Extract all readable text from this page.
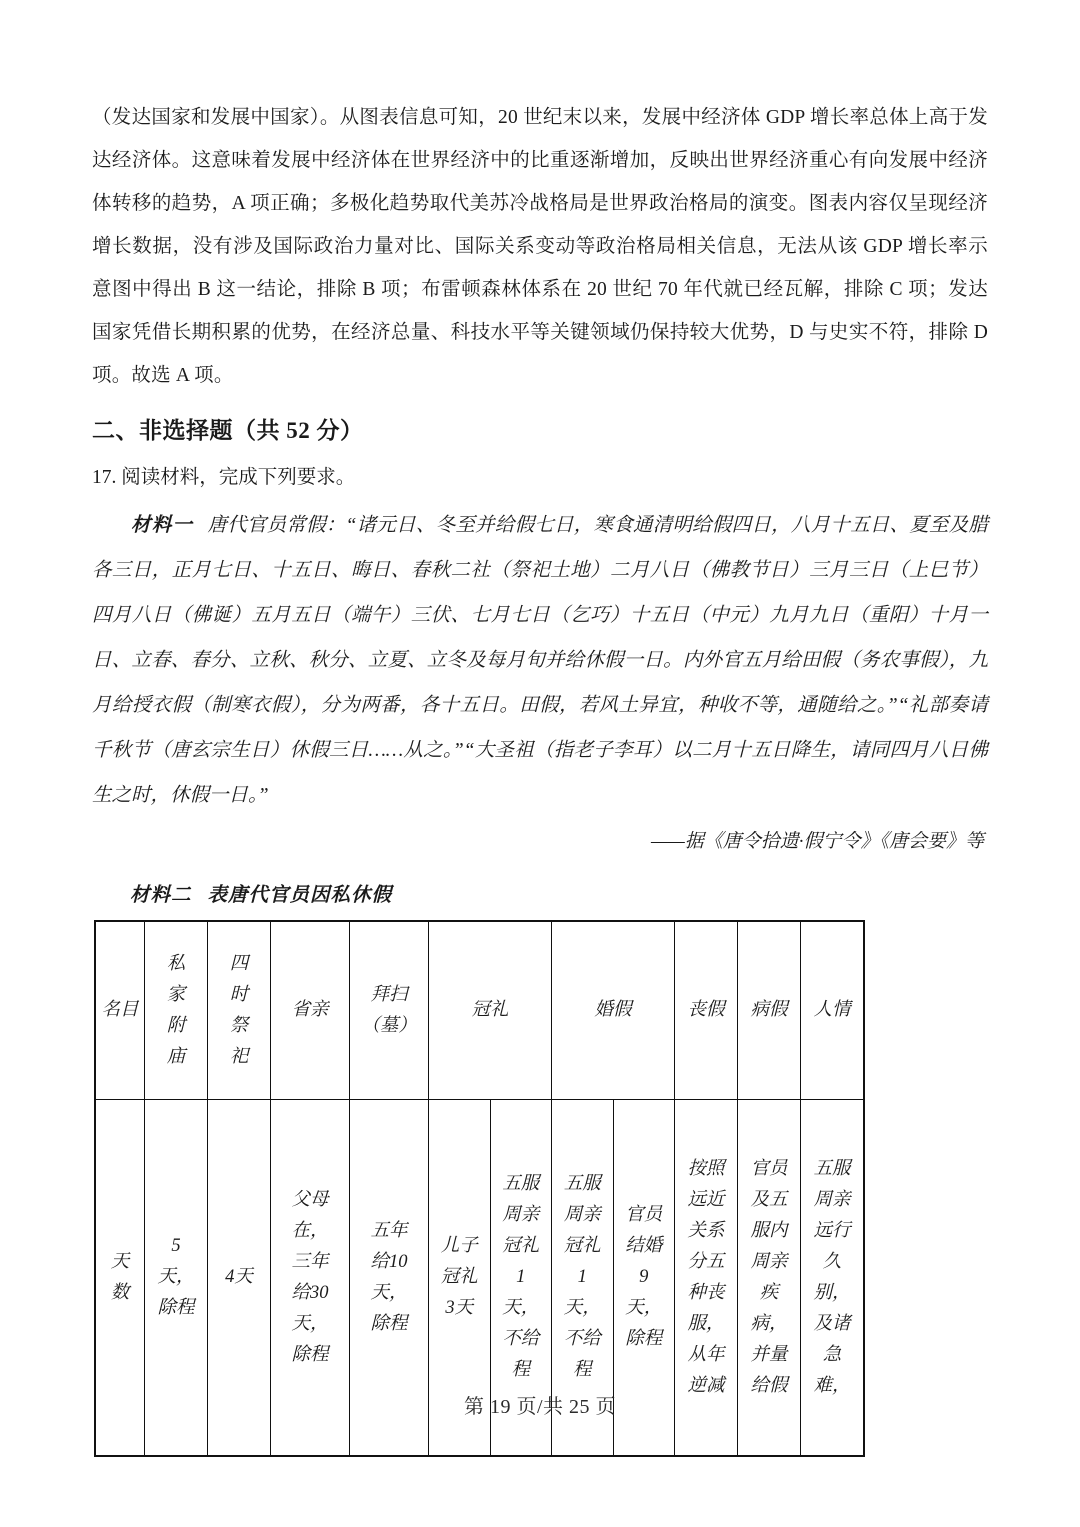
（发达国家和发展中国家）。从图表信息可知，20 世纪末以来，发展中经济体 GDP 增长率总体上高于发达经济体。这意味着发展中经济体在世界经济中的比重逐渐增加，反映出世界经济重心有向发展中经济体转移的趋势，A 项正确；多极化趋势取代美苏冷战格局是世界政治格局的演变。图表内容仅呈现经济增长数据，没有涉及国际政治力量对比、国际关系变动等政治格局相关信息，无法从该 GDP 增长率示意图中得出 B 这一结论，排除 B 项；布雷顿森林体系在 20 世纪 70 年代就已经瓦解，排除 C 项；发达国家凭借长期积累的优势，在经济总量、科技水平等关键领域仍保持较大优势，D 与史实不符，排除 D 项。故选 A 项。

二、非选择题（共 52 分）
17. 阅读材料，完成下列要求。

材料一 唐代官员常假：“诸元日、冬至并给假七日，寒食通清明给假四日，八月十五日、夏至及腊各三日，正月七日、十五日、晦日、春秋二社（祭祀土地）二月八日（佛教节日）三月三日（上巳节）四月八日（佛诞）五月五日（端午）三伏、七月七日（乞巧）十五日（中元）九月九日（重阳）十月一日、立春、春分、立秋、秋分、立夏、立冬及每月旬并给休假一日。内外官五月给田假（务农事假），九月给授衣假（制寒衣假），分为两番，各十五日。田假，若风土异宜，种收不等，通随给之。”“礼部奏请千秋节（唐玄宗生日）休假三日……从之。”“大圣祖（指老子李耳）以二月十五日降生，请同四月八日佛生之时，休假一日。”

——据《唐令拾遗·假宁令》《唐会要》等

材料二 表唐代官员因私休假
名目	私家附庙	四时祭祀	省亲	拜扫（墓）	冠礼		婚假		丧假	病假	人情

天数	5天，除程	4天	父母在，三年给30天，除程	五年给10天，除程	儿子冠礼3天	五服周亲冠礼1天，不给程	五服周亲冠礼1天，不给程	官员结婚9天，除程	按照远近关系分五种丧服，从年逆减	官员及五服内周亲疾病，并量给假	五服周亲远行久别，及诸急难，
第 19 页/共 25 页
